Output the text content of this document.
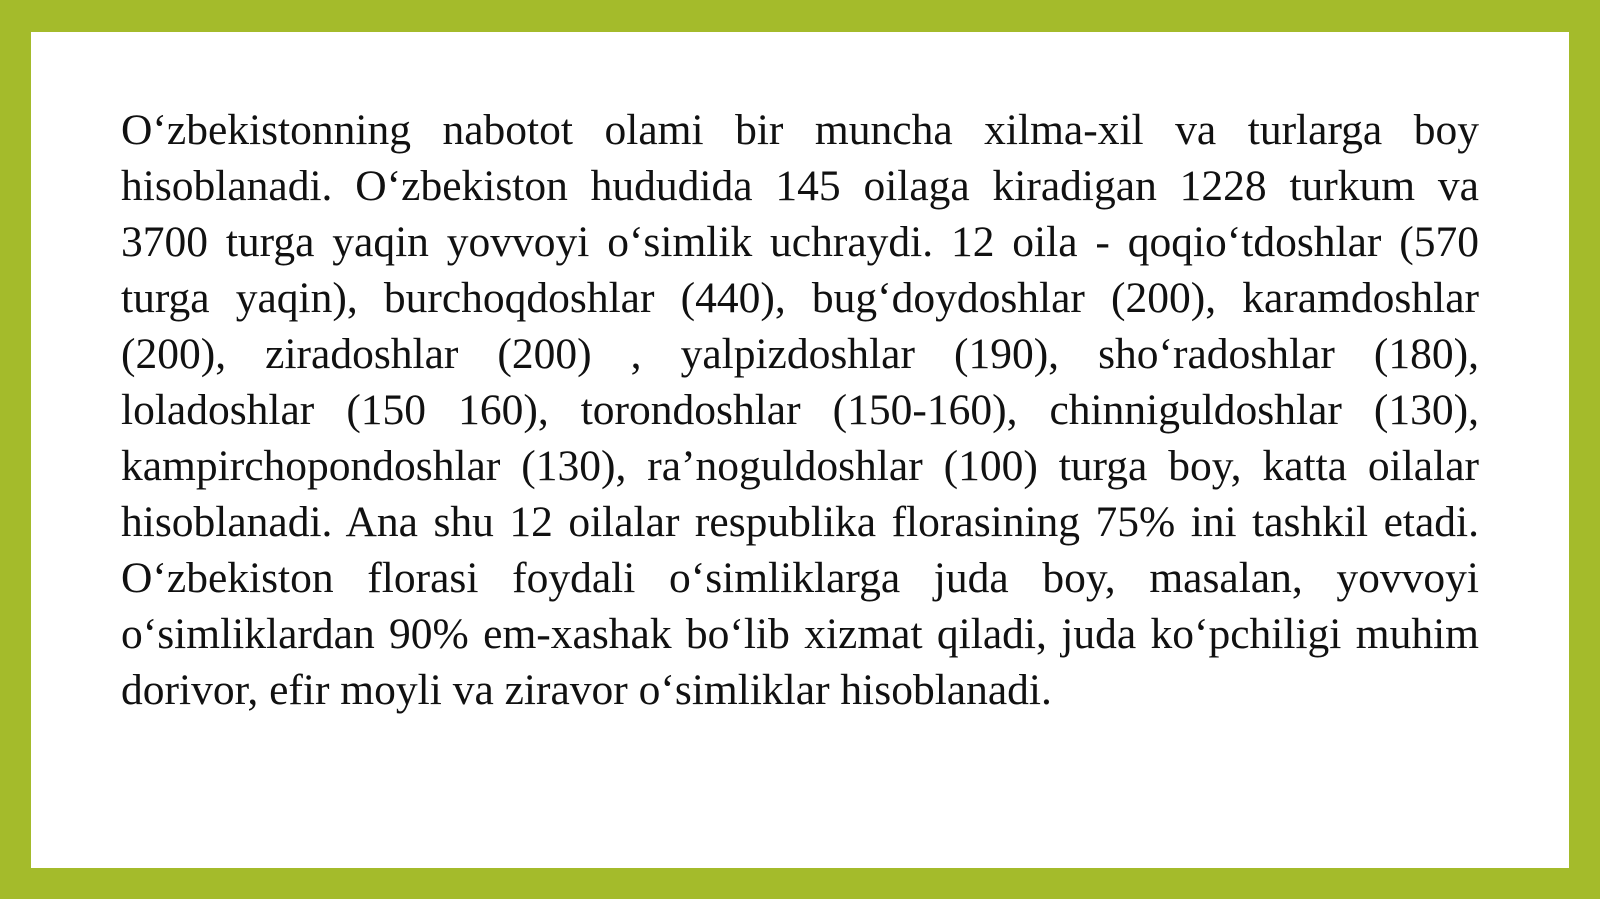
O‘zbekistonning nabotot olami bir muncha xilma-xil va turlarga boy hisoblanadi. O‘zbekiston hududida 145 oilaga kiradigan 1228 turkum va 3700 turga yaqin yovvoyi o‘simlik uchraydi. 12 oila - qoqio‘tdoshlar (570 turga yaqin), burchoqdoshlar (440), bug‘doydoshlar (200), karamdoshlar (200), ziradoshlar (200) , yalpizdoshlar (190), sho‘radoshlar (180), loladoshlar (150 160), torondoshlar (150-160), chinniguldoshlar (130), kampirchopondoshlar (130), ra’noguldoshlar (100) turga boy, katta oilalar hisoblanadi. Ana shu 12 oilalar respublika florasining 75% ini tashkil etadi. O‘zbekiston florasi foydali o‘simliklarga juda boy, masalan, yovvoyi o‘simliklardan 90% em-xashak bo‘lib xizmat qiladi, juda ko‘pchiligi muhim dorivor, efir moyli va ziravor o‘simliklar hisoblanadi.
